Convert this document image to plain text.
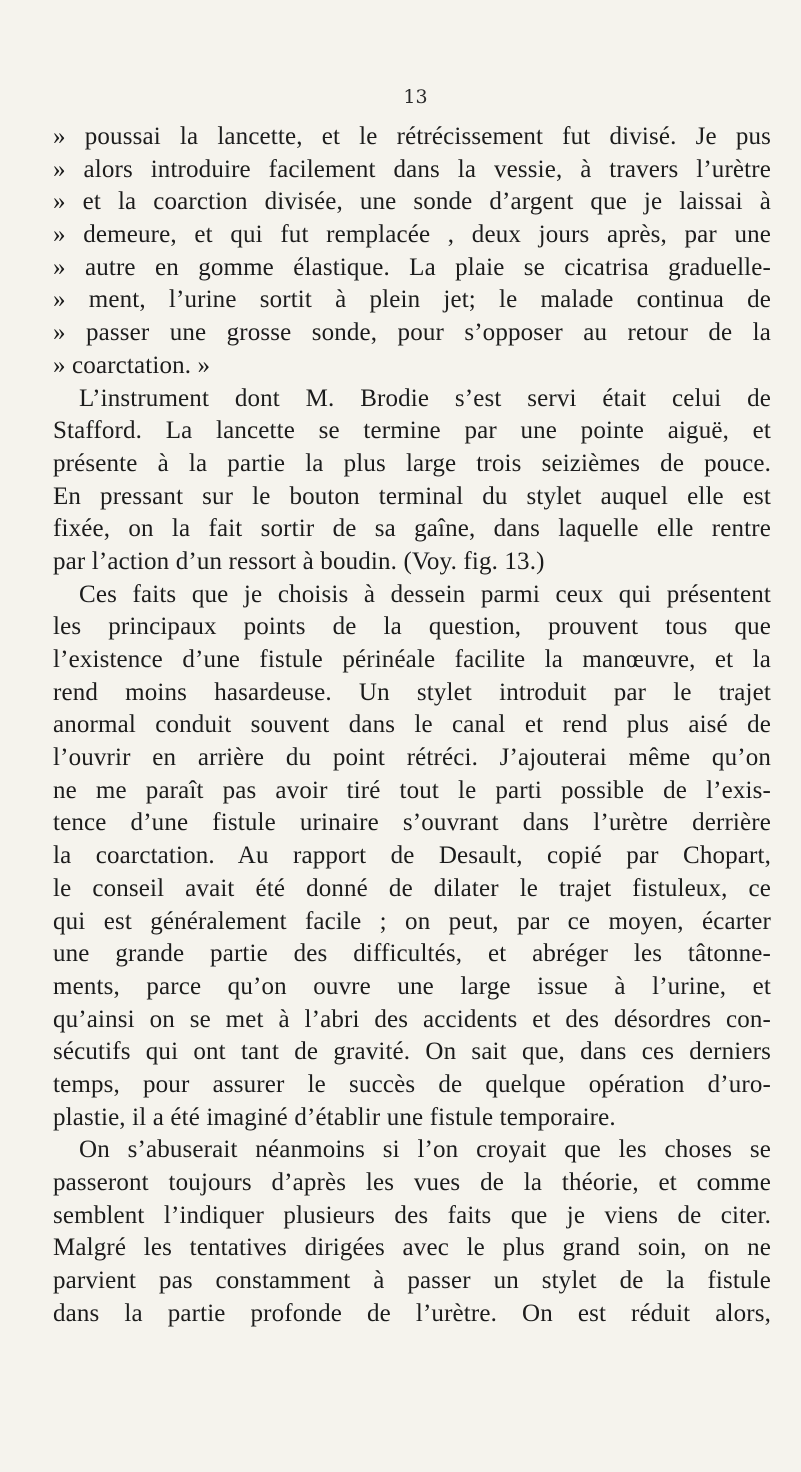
13
» poussai la lancette, et le rétrécissement fut divisé. Je pus
» alors introduire facilement dans la vessie, à travers l’urètre
» et la coarction divisée, une sonde d’argent que je laissai à
» demeure, et qui fut remplacée , deux jours après, par une
» autre en gomme élastique. La plaie se cicatrisa graduelle-
» ment, l’urine sortit à plein jet; le malade continua de
» passer une grosse sonde, pour s’opposer au retour de la
» coarctation. »
L’instrument dont M. Brodie s’est servi était celui de
Stafford. La lancette se termine par une pointe aiguë, et
présente à la partie la plus large trois seizièmes de pouce.
En pressant sur le bouton terminal du stylet auquel elle est
fixée, on la fait sortir de sa gaîne, dans laquelle elle rentre
par l’action d’un ressort à boudin. (Voy. fig. 13.)
Ces faits que je choisis à dessein parmi ceux qui présentent
les principaux points de la question, prouvent tous que
l’existence d’une fistule périnéale facilite la manœuvre, et la
rend moins hasardeuse. Un stylet introduit par le trajet
anormal conduit souvent dans le canal et rend plus aisé de
l’ouvrir en arrière du point rétréci. J’ajouterai même qu’on
ne me paraît pas avoir tiré tout le parti possible de l’exis-
tence d’une fistule urinaire s’ouvrant dans l’urètre derrière
la coarctation. Au rapport de Desault, copié par Chopart,
le conseil avait été donné de dilater le trajet fistuleux, ce
qui est généralement facile ; on peut, par ce moyen, écarter
une grande partie des difficultés, et abréger les tâtonne-
ments, parce qu’on ouvre une large issue à l’urine, et
qu’ainsi on se met à l’abri des accidents et des désordres con-
sécutifs qui ont tant de gravité. On sait que, dans ces derniers
temps, pour assurer le succès de quelque opération d’uro-
plastie, il a été imaginé d’établir une fistule temporaire.
On s’abuserait néanmoins si l’on croyait que les choses se
passeront toujours d’après les vues de la théorie, et comme
semblent l’indiquer plusieurs des faits que je viens de citer.
Malgré les tentatives dirigées avec le plus grand soin, on ne
parvient pas constamment à passer un stylet de la fistule
dans la partie profonde de l’urètre. On est réduit alors,
